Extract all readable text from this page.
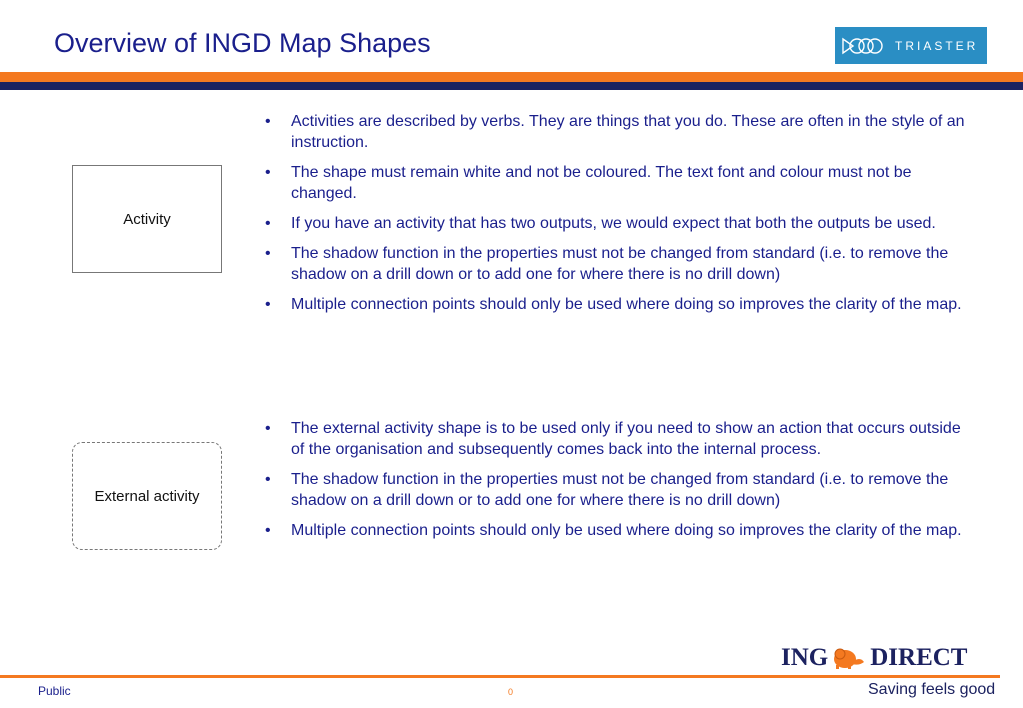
Overview of INGD Map Shapes	TRIASTER
Activity
• Activities are described by verbs. They are things that you do. These are often in the style of an instruction.
• The shape must remain white and not be coloured. The text font and colour must not be changed.
• If you have an activity that has two outputs, we would expect that both the outputs be used.
• The shadow function in the properties must not be changed from standard (i.e. to remove the shadow on a drill down or to add one for where there is no drill down)
• Multiple connection points should only be used where doing so improves the clarity of the map.
External activity
• The external activity shape is to be used only if you need to show an action that occurs outside of the organisation and subsequently comes back into the internal process.
• The shadow function in the properties must not be changed from standard (i.e. to remove the shadow on a drill down or to add one for where there is no drill down)
• Multiple connection points should only be used where doing so improves the clarity of the map.
Public	0
ING DIRECT
Saving feels good
